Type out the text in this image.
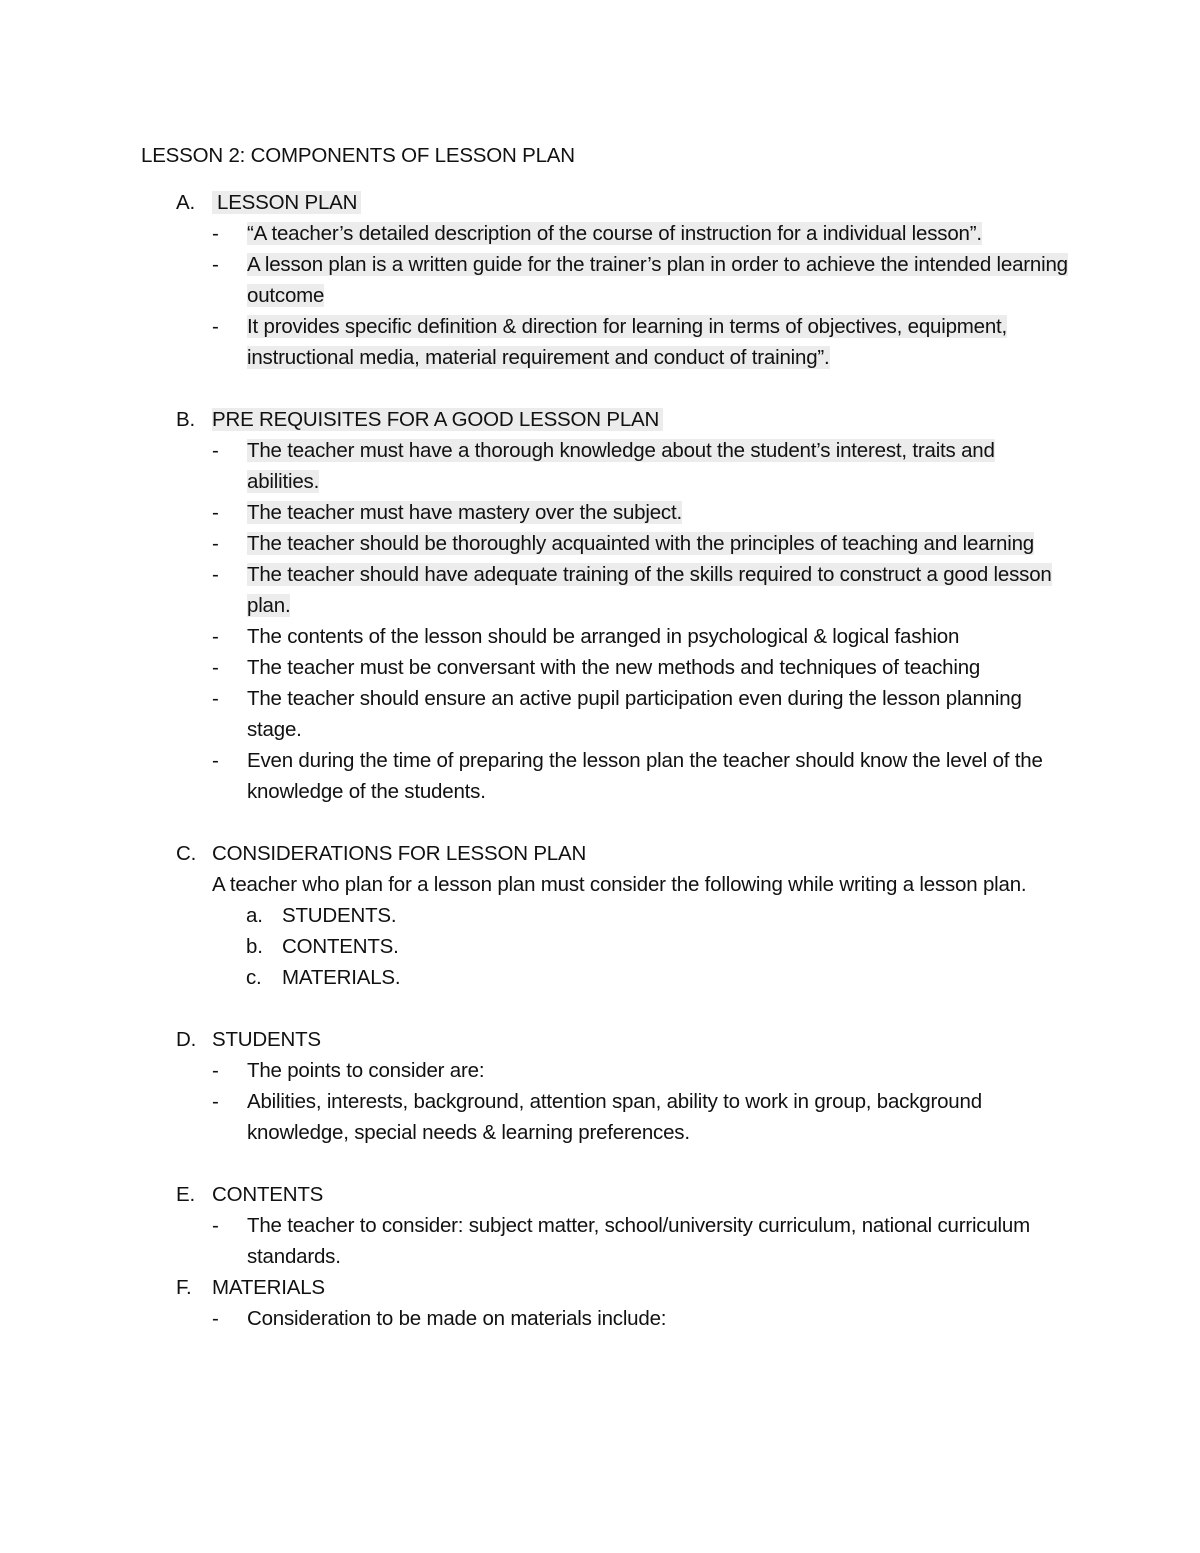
LESSON 2: COMPONENTS OF LESSON PLAN
A.	LESSON PLAN
- “A teacher’s detailed description of the course of instruction for a individual lesson”.
- A lesson plan is a written guide for the trainer’s plan in order to achieve the intended learning outcome
- It provides specific definition & direction for learning in terms of objectives, equipment, instructional media, material requirement and conduct of training”.
B. PRE REQUISITES FOR A GOOD LESSON PLAN
- The teacher must have a thorough knowledge about the student’s interest, traits and abilities.
- The teacher must have mastery over the subject.
- The teacher should be thoroughly acquainted with the principles of teaching and learning
- The teacher should have adequate training of the skills required to construct a good lesson plan.
- The contents of the lesson should be arranged in psychological & logical fashion
- The teacher must be conversant with the new methods and techniques of teaching
- The teacher should ensure an active pupil participation even during the lesson planning stage.
- Even during the time of preparing the lesson plan the teacher should know the level of the knowledge of the students.
C. CONSIDERATIONS FOR LESSON PLAN

A teacher who plan for a lesson plan must consider the following while writing a lesson plan.

a. STUDENTS.
b. CONTENTS.
c. MATERIALS.
D. STUDENTS
- The points to consider are:
- Abilities, interests, background, attention span, ability to work in group, background knowledge, special needs & learning preferences.
E. CONTENTS
- The teacher to consider: subject matter, school/university curriculum, national curriculum standards.
F. MATERIALS
- Consideration to be made on materials include:
